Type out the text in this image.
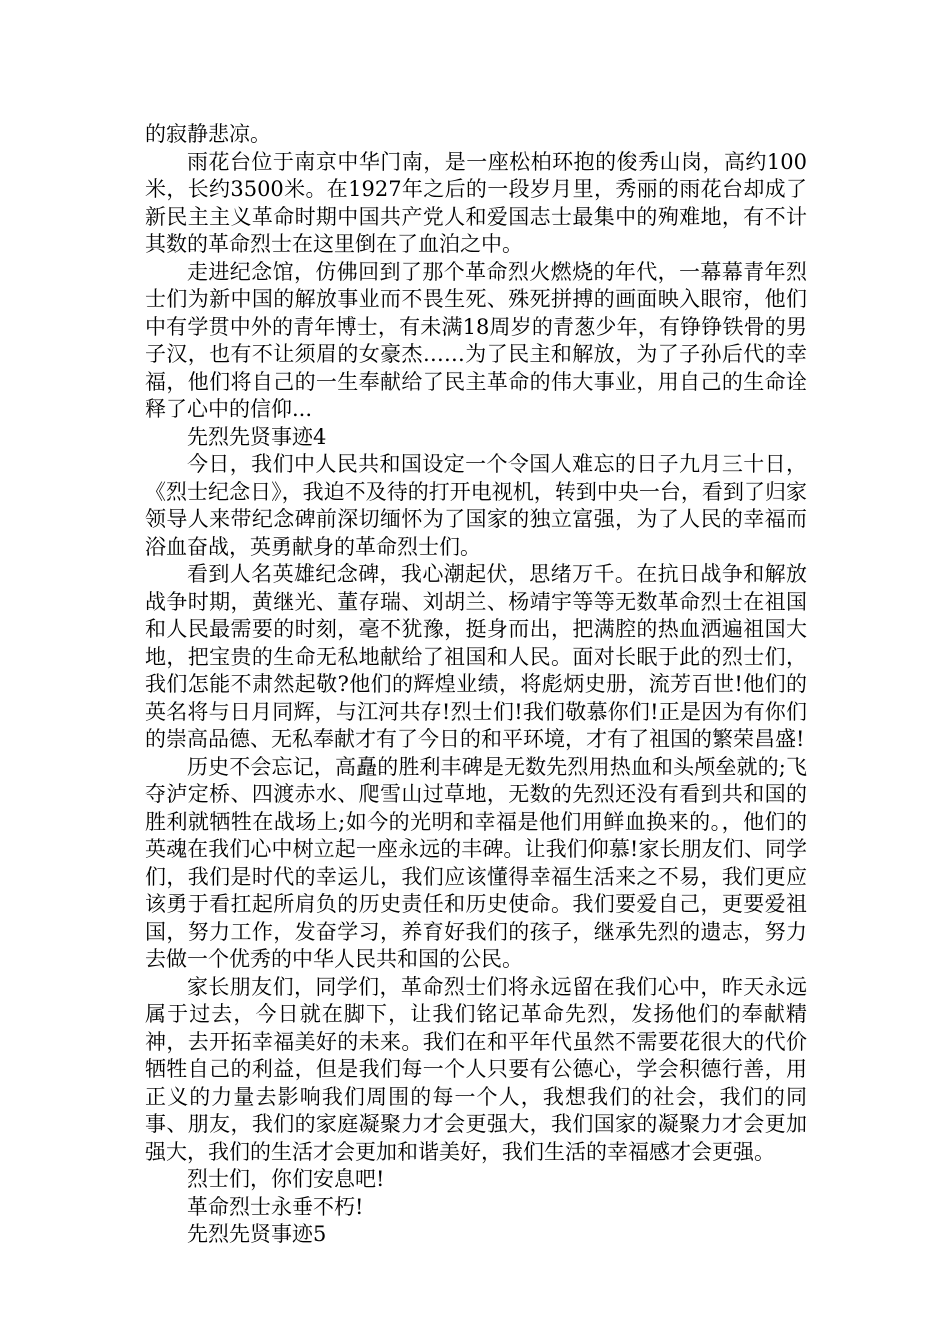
的寂静悲凉。

雨花台位于南京中华门南，是一座松柏环抱的俊秀山岗，高约100米，长约3500米。在1927年之后的一段岁月里，秀丽的雨花台却成了新民主主义革命时期中国共产党人和爱国志士最集中的殉难地，有不计其数的革命烈士在这里倒在了血泊之中。

走进纪念馆，仿佛回到了那个革命烈火燃烧的年代，一幕幕青年烈士们为新中国的解放事业而不畏生死、殊死拼搏的画面映入眼帘，他们中有学贯中外的青年博士，有未满18周岁的青葱少年，有铮铮铁骨的男子汉，也有不让须眉的女豪杰……为了民主和解放，为了子孙后代的幸福，他们将自己的一生奉献给了民主革命的伟大事业，用自己的生命诠释了心中的信仰...

先烈先贤事迹4

今日，我们中人民共和国设定一个令国人难忘的日子九月三十日，《烈士纪念日》，我迫不及待的打开电视机，转到中央一台，看到了归家领导人来带纪念碑前深切缅怀为了国家的独立富强，为了人民的幸福而浴血奋战，英勇献身的革命烈士们。

看到人名英雄纪念碑，我心潮起伏，思绪万千。在抗日战争和解放战争时期，黄继光、董存瑞、刘胡兰、杨靖宇等等无数革命烈士在祖国和人民最需要的时刻，毫不犹豫，挺身而出，把满腔的热血洒遍祖国大地，把宝贵的生命无私地献给了祖国和人民。面对长眠于此的烈士们，我们怎能不肃然起敬?他们的辉煌业绩，将彪炳史册，流芳百世!他们的英名将与日月同辉，与江河共存!烈士们!我们敬慕你们!正是因为有你们的崇高品德、无私奉献才有了今日的和平环境，才有了祖国的繁荣昌盛!

历史不会忘记，高矗的胜利丰碑是无数先烈用热血和头颅垒就的;飞夺泸定桥、四渡赤水、爬雪山过草地，无数的先烈还没有看到共和国的胜利就牺牲在战场上;如今的光明和幸福是他们用鲜血换来的。，他们的英魂在我们心中树立起一座永远的丰碑。让我们仰慕!家长朋友们、同学们，我们是时代的幸运儿，我们应该懂得幸福生活来之不易，我们更应该勇于看扛起所肩负的历史责任和历史使命。我们要爱自己，更要爱祖国，努力工作，发奋学习，养育好我们的孩子，继承先烈的遗志，努力去做一个优秀的中华人民共和国的公民。

家长朋友们，同学们，革命烈士们将永远留在我们心中，昨天永远属于过去，今日就在脚下，让我们铭记革命先烈，发扬他们的奉献精神，去开拓幸福美好的未来。我们在和平年代虽然不需要花很大的代价牺牲自己的利益，但是我们每一个人只要有公德心，学会积德行善，用正义的力量去影响我们周围的每一个人，我想我们的社会，我们的同事、朋友，我们的家庭凝聚力才会更强大，我们国家的凝聚力才会更加强大，我们的生活才会更加和谐美好，我们生活的幸福感才会更强。

烈士们，你们安息吧!

革命烈士永垂不朽!

先烈先贤事迹5
